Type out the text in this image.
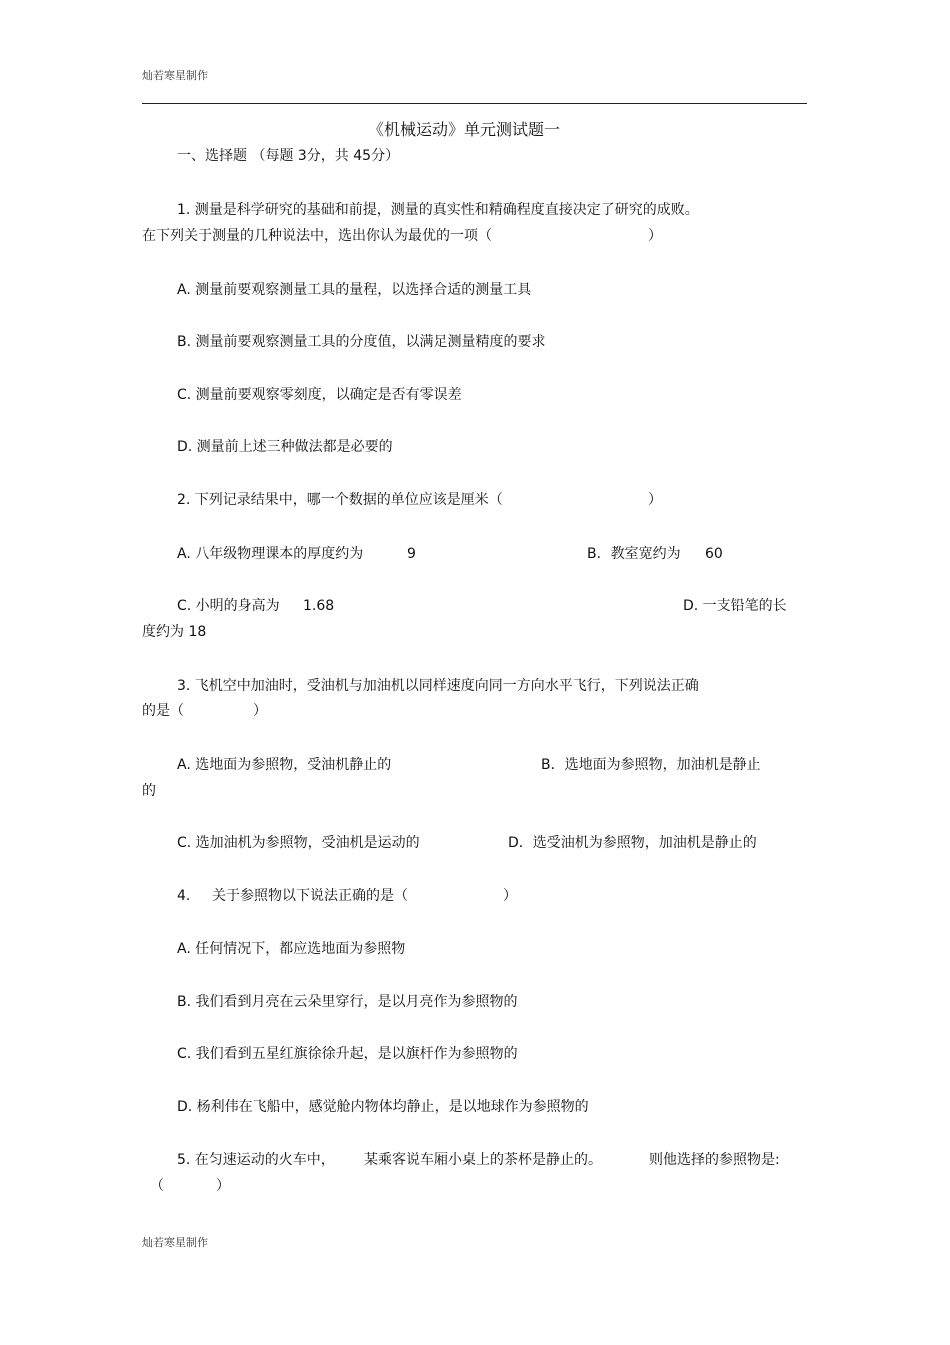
灿若寒星制作
《机械运动》单元测试题一
一、选择题 （每题 3分，共 45分）
1. 测量是科学研究的基础和前提，测量的真实性和精确程度直接决定了研究的成败。
在下列关于测量的几种说法中，选出你认为最优的一项（	）
A. 测量前要观察测量工具的量程，以选择合适的测量工具
B. 测量前要观察测量工具的分度值，以满足测量精度的要求
C. 测量前要观察零刻度，以确定是否有零误差
D. 测量前上述三种做法都是必要的
2. 下列记录结果中，哪一个数据的单位应该是厘米（	）
A. 八年级物理课本的厚度约为	9	B．教室宽约为 60
C. 小明的身高为 1.68	D. 一支铅笔的长
度约为 18
3. 飞机空中加油时，受油机与加油机以同样速度向同一方向水平飞行，下列说法正确
的是（	）
A. 选地面为参照物，受油机静止的	B．选地面为参照物，加油机是静止
的
C. 选加油机为参照物，受油机是运动的	D．选受油机为参照物，加油机是静止的
4. 关于参照物以下说法正确的是（	）
A. 任何情况下，都应选地面为参照物
B. 我们看到月亮在云朵里穿行，是以月亮作为参照物的
C. 我们看到五星红旗徐徐升起，是以旗杆作为参照物的
D. 杨利伟在飞船中，感觉舱内物体均静止，是以地球作为参照物的
5. 在匀速运动的火车中， 某乘客说车厢小桌上的茶杯是静止的。	则他选择的参照物是:
（	）
灿若寒星制作
